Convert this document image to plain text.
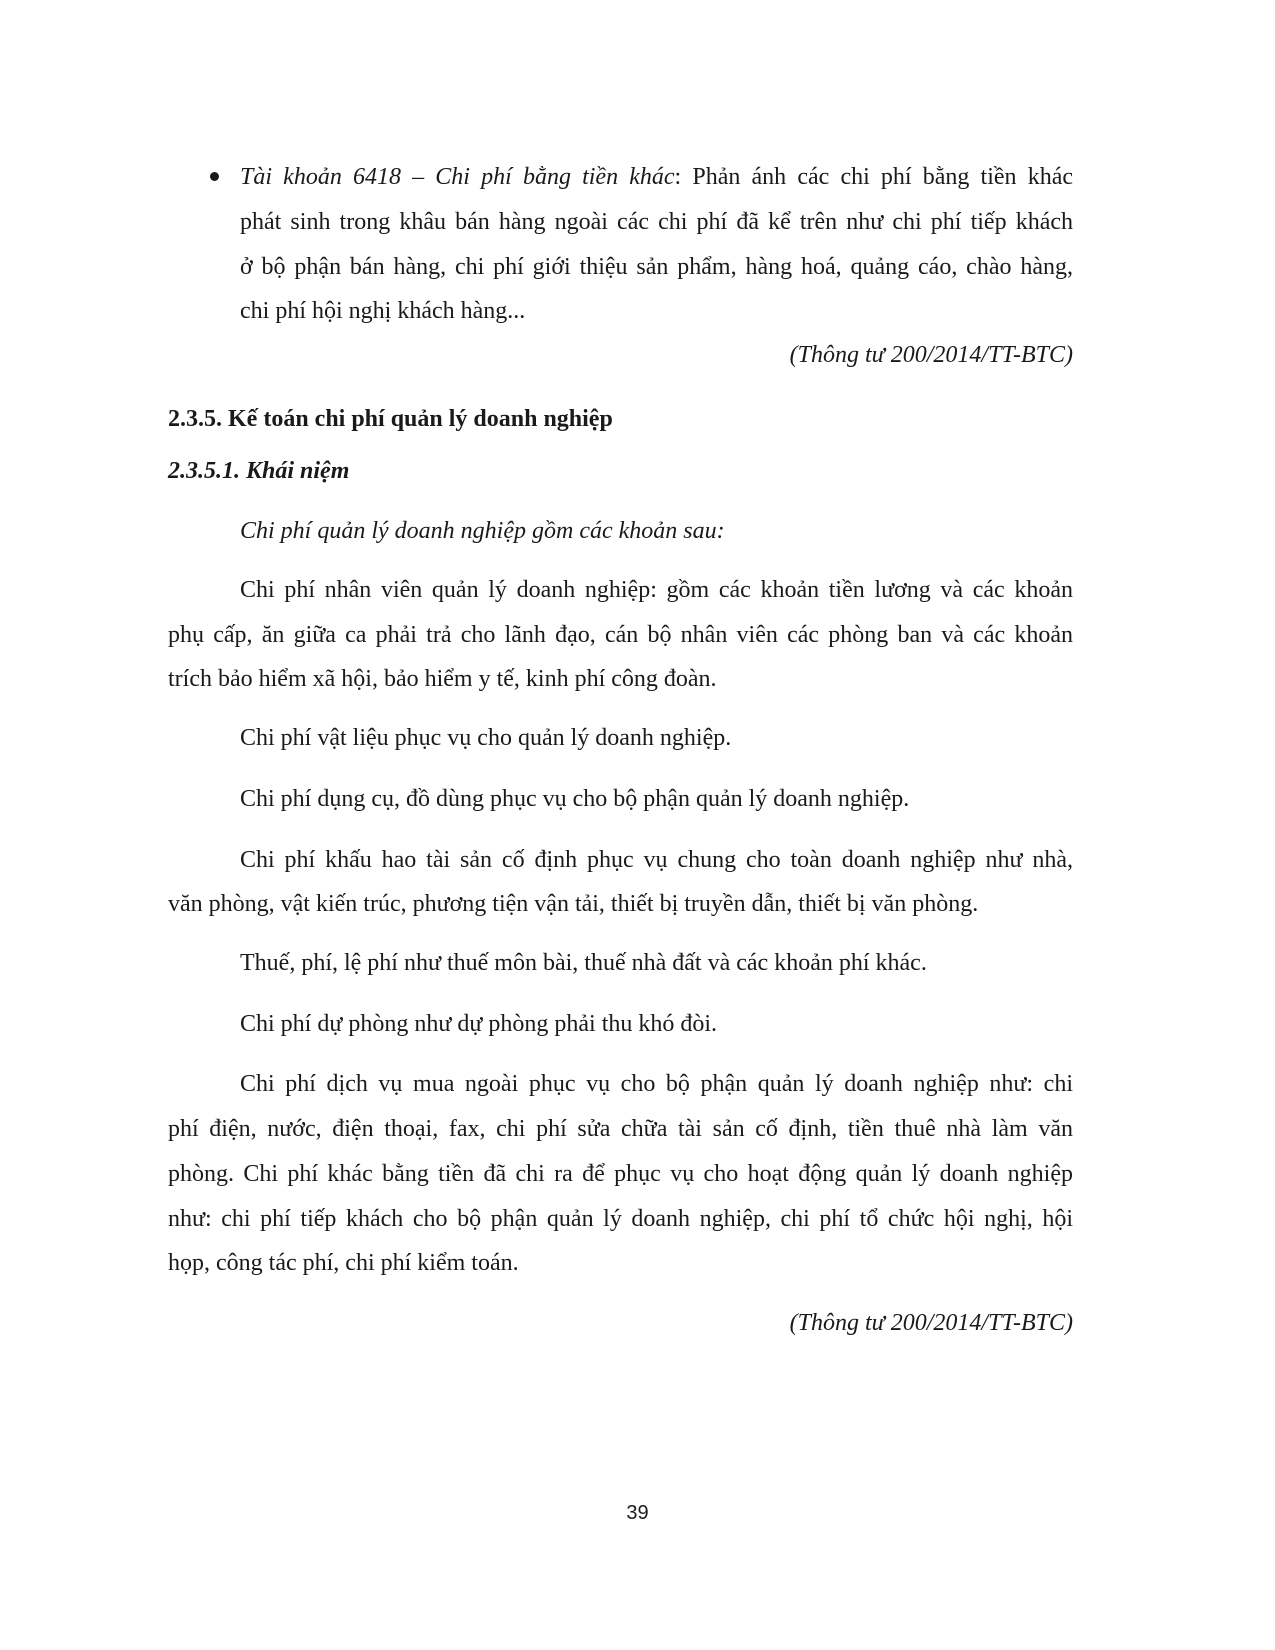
Tài khoản 6418 – Chi phí bằng tiền khác: Phản ánh các chi phí bằng tiền khác
phát sinh trong khâu bán hàng ngoài các chi phí đã kể trên như chi phí tiếp khách
ở bộ phận bán hàng, chi phí giới thiệu sản phẩm, hàng hoá, quảng cáo, chào hàng,
chi phí hội nghị khách hàng...
(Thông tư 200/2014/TT-BTC)
2.3.5. Kế toán chi phí quản lý doanh nghiệp
2.3.5.1. Khái niệm
Chi phí quản lý doanh nghiệp gồm các khoản sau:
Chi phí nhân viên quản lý doanh nghiệp: gồm các khoản tiền lương và các khoản
phụ cấp, ăn giữa ca phải trả cho lãnh đạo, cán bộ nhân viên các phòng ban và các khoản
trích bảo hiểm xã hội, bảo hiểm y tế, kinh phí công đoàn.
Chi phí vật liệu phục vụ cho quản lý doanh nghiệp.
Chi phí dụng cụ, đồ dùng phục vụ cho bộ phận quản lý doanh nghiệp.
Chi phí khấu hao tài sản cố định phục vụ chung cho toàn doanh nghiệp như nhà,
văn phòng, vật kiến trúc, phương tiện vận tải, thiết bị truyền dẫn, thiết bị văn phòng.
Thuế, phí, lệ phí như thuế môn bài, thuế nhà đất và các khoản phí khác.
Chi phí dự phòng như dự phòng phải thu khó đòi.
Chi phí dịch vụ mua ngoài phục vụ cho bộ phận quản lý doanh nghiệp như: chi
phí điện, nước, điện thoại, fax, chi phí sửa chữa tài sản cố định, tiền thuê nhà làm văn
phòng. Chi phí khác bằng tiền đã chi ra để phục vụ cho hoạt động quản lý doanh nghiệp
như: chi phí tiếp khách cho bộ phận quản lý doanh nghiệp, chi phí tổ chức hội nghị, hội
họp, công tác phí, chi phí kiểm toán.
(Thông tư 200/2014/TT-BTC)
39
